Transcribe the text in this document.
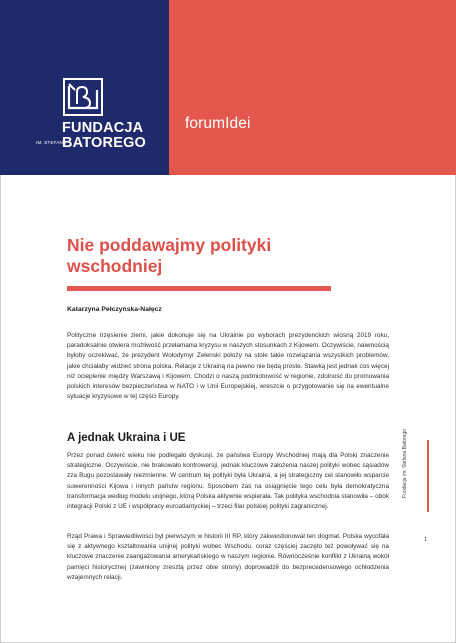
FUNDACJA
IM. STEFANA
BATOREGO
forumIdei
Nie poddawajmy polityki wschodniej
Katarzyna Pełczyńska-Nałęcz

Polityczne trzęsienie ziemi, jakie dokonuje się na Ukrainie po wyborach prezydenckich wiosną 2019 roku, paradoksalnie otwiera możliwość przełamania kryzysu w naszych stosunkach z Kijowem. Oczywiście, naiwnością byłoby oczekiwać, że prezydent Wołodymyr Zełenski położy na stole takie rozwiązania wszystkich problemów, jakie chciałaby widzieć strona polska. Relacje z Ukrainą na pewno nie będą proste. Stawką jest jednak coś więcej niż ocieplenie między Warszawą i Kijowem. Chodzi o naszą podmiotowość w regionie, zdolność do promowania polskich interesów bezpieczeństwa w NATO i w Unii Europejskiej, wreszcie o przygotowanie się na ewentualne sytuacje kryzysowe w tej części Europy.

A jednak Ukraina i UE

Przez ponad ćwierć wieku nie podlegało dyskusji, że państwa Europy Wschodniej mają dla Polski znaczenie strategiczne. Oczywiście, nie brakowało kontrowersji, jednak kluczowe założenia naszej polityki wobec sąsiadów zza Bugu pozostawały niezmienne. W centrum tej polityki była Ukraina, a jej strategiczny cel stanowiło wsparcie suwerenności Kijowa i innych państw regionu. Sposobem zaś na osiągnięcie tego celu była demokratyczna transformacja według modelu unijnego, którą Polska aktywnie wspierała. Tak polityka wschodnia stanowiła – obok integracji Polski z UE i współpracy euroatlantyckiej – trzeci filar polskiej polityki zagranicznej.

Rząd Prawa i Sprawiedliwości był pierwszym w historii III RP, który zakwestionował ten dogmat. Polska wycofała się z aktywnego kształtowania unijnej polityki wobec Wschodu, coraz częściej zaczęto też powoływać się na kluczowe znaczenie zaangażowania amerykańskiego w naszym regionie. Równocześnie konflikt z Ukrainą wokół pamięci historycznej (zawiniony zresztą przez obie strony) doprowadził do bezprecedensowego ochłodzenia wzajemnych relacji.

Fundacja im. Stefana Batorego
1
